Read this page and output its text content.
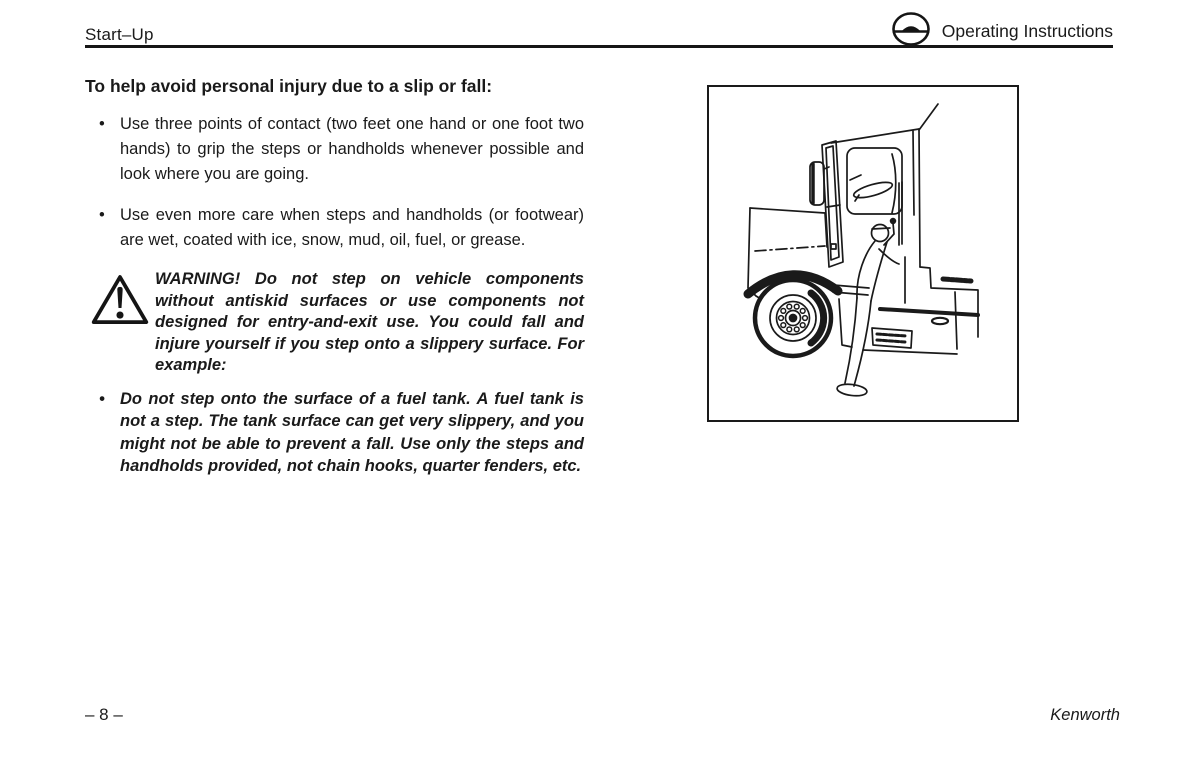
Start–Up	Operating Instructions
To help avoid personal injury due to a slip or fall:

• Use three points of contact (two feet one hand or one foot two hands) to grip the steps or handholds whenever possible and look where you are going.

• Use even more care when steps and handholds (or footwear) are wet, coated with ice, snow, mud, oil, fuel, or grease.

WARNING! Do not step on vehicle components without antiskid surfaces or use components not designed for entry-and-exit use. You could fall and injure yourself if you step onto a slippery surface. For example:

• Do not step onto the surface of a fuel tank. A fuel tank is not a step. The tank surface can get very slippery, and you might not be able to prevent a fall. Use only the steps and handholds provided, not chain hooks, quarter fenders, etc.

– 8 –	Kenworth
